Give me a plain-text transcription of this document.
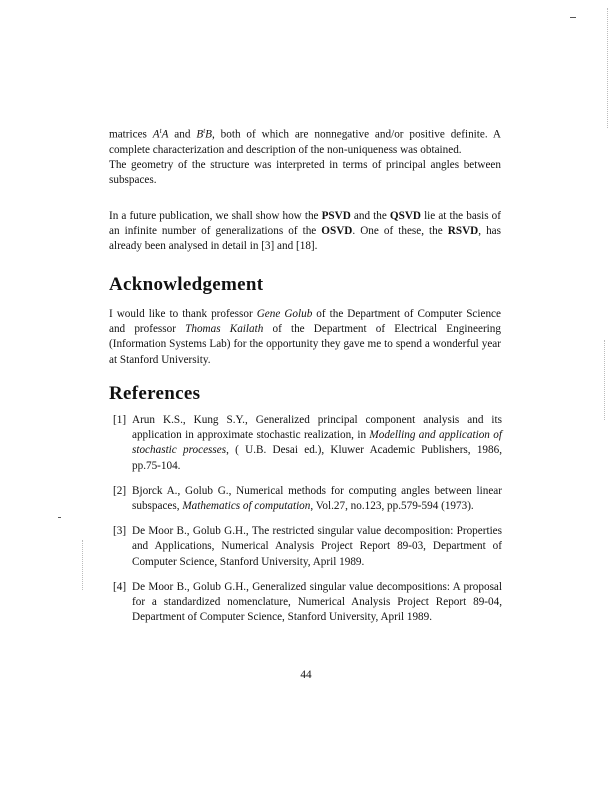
matrices $A^tA$ and $B^tB$, both of which are nonnegative and/or positive definite. A complete characterization and description of the non-uniqueness was obtained.
The geometry of the structure was interpreted in terms of principal angles between subspaces.

In a future publication, we shall show how the PSVD and the QSVD lie at the basis of an infinite number of generalizations of the OSVD. One of these, the RSVD, has already been analysed in detail in [3] and [18].

Acknowledgement

I would like to thank professor Gene Golub of the Department of Computer Science and professor Thomas Kailath of the Department of Electrical Engineering (Information Systems Lab) for the opportunity they gave me to spend a wonderful year at Stanford University.

References
[1] Arun K.S., Kung S.Y., Generalized principal component analysis and its application in approximate stochastic realization, in Modelling and application of stochastic processes, ( U.B. Desai ed.), Kluwer Academic Publishers, 1986, pp.75-104.
[2] Bjorck A., Golub G., Numerical methods for computing angles between linear subspaces, Mathematics of computation, Vol.27, no.123, pp.579-594 (1973).
[3] De Moor B., Golub G.H., The restricted singular value decomposition: Properties and Applications, Numerical Analysis Project Report 89-03, Department of Computer Science, Stanford University, April 1989.
[4] De Moor B., Golub G.H., Generalized singular value decompositions: A proposal for a standardized nomenclature, Numerical Analysis Project Report 89-04, Department of Computer Science, Stanford University, April 1989.
44
